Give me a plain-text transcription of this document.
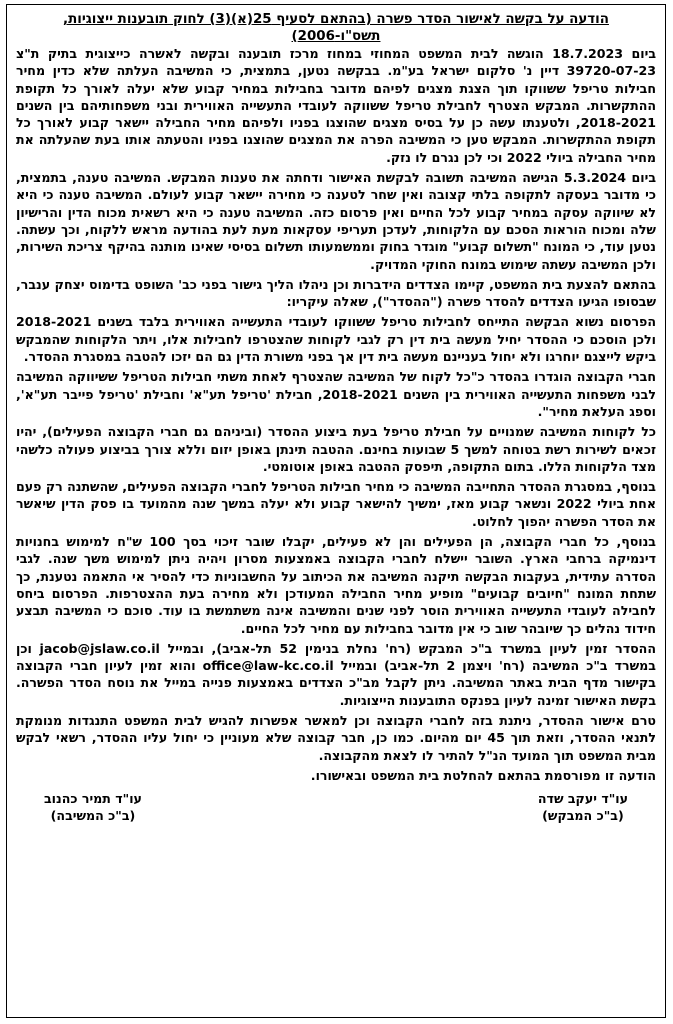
הודעה על בקשה לאישור הסדר פשרה (בהתאם לסעיף 25(א)(3) לחוק תובענות ייצוגיות,
תשס"ו-2006)

ביום 18.7.2023 הוגשה לבית המשפט המחוזי במחוז מרכז תובענה ובקשה לאשרה כייצוגית בתיק ת"צ 39720-07-23 דיין נ' סלקום ישראל בע"מ. בבקשה נטען, בתמצית, כי המשיבה העלתה שלא כדין מחיר חבילות טריפל ששווקו תוך הצגת מצגים לפיהם מדובר בחבילות במחיר קבוע שלא יעלה לאורך כל תקופת ההתקשרות. המבקש הצטרף לחבילת טריפל ששווקה לעובדי התעשייה האווירית ובני משפחותיהם בין השנים 2018-2021, ולטענתו עשה כן על בסיס מצגים שהוצגו בפניו ולפיהם מחיר החבילה יישאר קבוע לאורך כל תקופת ההתקשרות. המבקש טען כי המשיבה הפרה את המצגים שהוצגו בפניו והטעתה אותו בעת שהעלתה את מחיר החבילה ביולי 2022 וכי לכן נגרם לו נזק.

ביום 5.3.2024 הגישה המשיבה תשובה לבקשת האישור ודחתה את טענות המבקש. המשיבה טענה, בתמצית, כי מדובר בעסקה לתקופה בלתי קצובה ואין שחר לטענה כי מחירה יישאר קבוע לעולם. המשיבה טענה כי היא לא שיווקה עסקה במחיר קבוע לכל החיים ואין פרסום כזה. המשיבה טענה כי היא רשאית מכוח הדין והרישיון שלה ומכוח הוראות הסכם עם הלקוחות, לעדכן תעריפי עסקאות מעת לעת בהודעה מראש ללקוח, וכך עשתה. נטען עוד, כי המונח "תשלום קבוע" מוגדר בחוק וממשמעותו תשלום בסיסי שאינו מותנה בהיקף צריכת השירות, ולכן המשיבה עשתה שימוש במונח החוקי המדויק.

בהתאם להצעת בית המשפט, קיימו הצדדים הידברות וכן ניהלו הליך גישור בפני כב' השופט בדימוס יצחק ענבר, שבסופו הגיעו הצדדים להסדר פשרה ("ההסדר"), שאלה עיקריו:

הפרסום נשוא הבקשה התייחס לחבילות טריפל ששווקו לעובדי התעשייה האווירית בלבד בשנים 2018-2021 ולכן הוסכם כי ההסדר יחיל מעשה בית דין רק לגבי לקוחות שהצטרפו לחבילות אלו, ויתר הלקוחות שהמבקש ביקש לייצגם יוחרגו ולא יחול בעניינם מעשה בית דין אך בפני משורת הדין גם הם יזכו להטבה במסגרת ההסדר.

חברי הקבוצה הוגדרו בהסדר כ"כל לקוח של המשיבה שהצטרף לאחת משתי חבילות הטריפל ששיווקה המשיבה לבני משפחות התעשייה האווירית בין השנים 2018-2021, חבילת 'טריפל תע"א' וחבילת 'טריפל פייבר תע"א', וספג העלאת מחיר".

כל לקוחות המשיבה שמנויים על חבילת טריפל בעת ביצוע ההסדר (וביניהם גם חברי הקבוצה הפעילים), יהיו זכאים לשירות רשת בטוחה למשך 5 שבועות בחינם. ההטבה תינתן באופן יזום וללא צורך בביצוע פעולה כלשהי מצד הלקוחות הללו. בתום התקופה, תיפסק ההטבה באופן אוטומטי.

בנוסף, במסגרת ההסדר התחייבה המשיבה כי מחיר חבילות הטריפל לחברי הקבוצה הפעילים, שהשתנה רק פעם אחת ביולי 2022 ונשאר קבוע מאז, ימשיך להישאר קבוע ולא יעלה במשך שנה מהמועד בו פסק הדין שיאשר את הסדר הפשרה יהפוך לחלוט.

בנוסף, כל חברי הקבוצה, הן הפעילים והן לא פעילים, יקבלו שובר זיכוי בסך 100 ש"ח למימוש בחנויות דינמיקה ברחבי הארץ. השובר יישלח לחברי הקבוצה באמצעות מסרון ויהיה ניתן למימוש משך שנה. לגבי הסדרה עתידית, בעקבות הבקשה תיקנה המשיבה את הכיתוב על החשבוניות כדי להסיר אי התאמה נטענת, כך שתחת המונח "חיובים קבועים" מופיע מחיר החבילה המעודכן ולא מחירה בעת ההצטרפות. הפרסום ביחס לחבילה לעובדי התעשייה האווירית הוסר לפני שנים והמשיבה אינה משתמשת בו עוד. סוכם כי המשיבה תבצע חידוד נהלים כך שיובהר שוב כי אין מדובר בחבילות עם מחיר לכל החיים.

ההסדר זמין לעיון במשרד ב"כ המבקש (רח' נחלת בנימין 52 תל-אביב), ובמייל jacob@jslaw.co.il וכן במשרד ב"כ המשיבה (רח' ויצמן 2 תל-אביב) ובמייל office@law-kc.co.il והוא זמין לעיון חברי הקבוצה בקישור מדף הבית באתר המשיבה. ניתן לקבל מב"כ הצדדים באמצעות פנייה במייל את נוסח הסדר הפשרה. בקשת האישור זמינה לעיון בפנקס התובענות הייצוגיות.

טרם אישור ההסדר, ניתנת בזה לחברי הקבוצה וכן למאשר אפשרות להגיש לבית המשפט התנגדות מנומקת לתנאי ההסדר, וזאת תוך 45 יום מהיום. כמו כן, חבר קבוצה שלא מעוניין כי יחול עליו ההסדר, רשאי לבקש מבית המשפט תוך המועד הנ"ל להתיר לו לצאת מהקבוצה.

הודעה זו מפורסמת בהתאם להחלטת בית המשפט ובאישורו.

עו"ד יעקב שדה
(ב"כ המבקש)
עו"ד תמיר כהנוב
(ב"כ המשיבה)
